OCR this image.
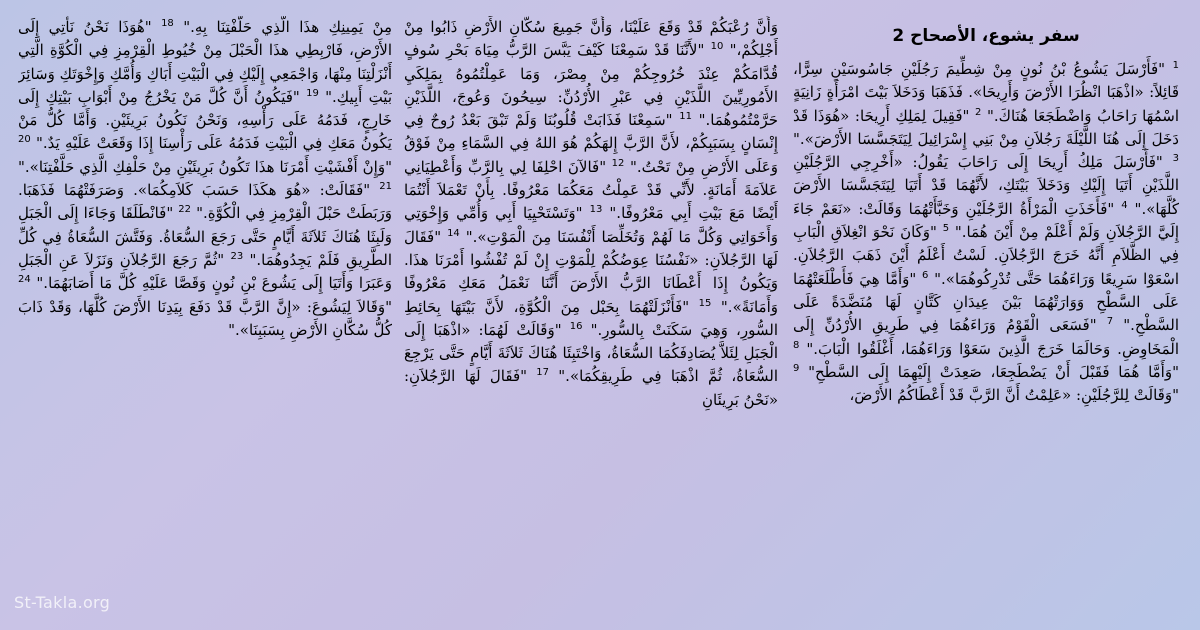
سفر يشوع، الأصحاح 2
$^1$ "فَأَرْسَلَ يَشُوعُ بْنُ نُونٍ مِنْ شِطِّيمَ رَجُلَيْنِ جَاسُوسَيْنِ سِرًّا، قَائِلاً: «اذْهَبَا انْظُرَا الأَرْضَ وَأَرِيحَا». فَذَهَبَا وَدَخَلاَ بَيْتَ امْرَأَةٍ زَانِيَةٍ اسْمُهَا رَاحَابُ وَاضْطَجَعَا هُنَاكَ." $^2$ "فَقِيلَ لِمَلِكِ أَرِيحَا: «هُوَذَا قَدْ دَخَلَ إِلَى هُنَا اللَّيْلَةَ رَجُلاَنِ مِنْ بَنِي إِسْرَائِيلَ لِيَتَجَسَّسَا الأَرْضَ»." $^3$ "فَأَرْسَلَ مَلِكُ أَرِيحَا إِلَى رَاحَابَ يَقُولُ: «أَخْرِجِي الرَّجُلَيْنِ اللَّذَيْنِ أَتَيَا إِلَيْكِ وَدَخَلاَ بَيْتَكِ، لأَنَّهُمَا قَدْ أَتَيَا لِيَتَجَسَّسَا الأَرْضَ كُلَّهَا»." $^4$ "فَأَخَذَتِ الْمَرْأَةُ الرَّجُلَيْنِ وَخَبَّأَتْهُمَا وَقَالَتْ: «نَعَمْ جَاءَ إِلَيَّ الرَّجُلاَنِ وَلَمْ أَعْلَمْ مِنْ أَيْنَ هُمَا." $^5$ "وَكَانَ نَحْوَ انْغِلاَقِ الْبَابِ فِي الظَّلاَمِ أَنَّهُ خَرَجَ الرَّجُلاَنِ. لَسْتُ أَعْلَمُ أَيْنَ ذَهَبَ الرَّجُلاَنِ. اسْعَوْا سَرِيعًا وَرَاءَهُمَا حَتَّى تُدْرِكُوهُمَا»." $^6$ "وَأَمَّا هِيَ فَأَطْلَعَتْهُمَا عَلَى السَّطْحِ وَوَارَتْهُمَا بَيْنَ عِيدَانِ كَتَّانٍ لَهَا مُنَضَّدَةً عَلَى السَّطْحِ." $^7$ "فَسَعَى الْقَوْمُ وَرَاءَهُمَا فِي طَرِيقِ الأُرْدُنِّ إِلَى الْمَخَاوِضِ. وَحَالَمَا خَرَجَ الَّذِينَ سَعَوْا وَرَاءَهُمَا، أَغْلَقُوا الْبَابَ." $^8$ "وَأَمَّا هُمَا فَقَبْلَ أَنْ يَضْطَجِعَا، صَعِدَتْ إِلَيْهِمَا إِلَى السَّطْحِ" $^9$ "وَقَالَتْ لِلرَّجُلَيْنِ: «عَلِمْتُ أَنَّ الرَّبَّ قَدْ أَعْطَاكُمُ الأَرْضَ،
وَأَنَّ رُعْبَكُمْ قَدْ وَقَعَ عَلَيْنَا، وَأَنَّ جَمِيعَ سُكَّانِ الأَرْضِ ذَابُوا مِنْ أَجْلِكُمْ،" $^{10}$ "لأَنَّنَا قَدْ سَمِعْنَا كَيْفَ يَبَّسَ الرَّبُّ مِيَاهَ بَحْرِ سُوفٍ قُدَّامَكُمْ عِنْدَ خُرُوجِكُمْ مِنْ مِصْرَ، وَمَا عَمِلْتُمُوهُ بِمَلِكَيِ الأَمُورِيِّينَ اللَّذَيْنِ فِي عَبْرِ الأُرْدُنِّ: سِيحُونَ وَعُوجَ، اللَّذَيْنِ حَرَّمْتُمُوهُمَا." $^{11}$ "سَمِعْنَا فَذَابَتْ قُلُوبُنَا وَلَمْ تَبْقَ بَعْدُ رُوحٌ فِي إِنْسَانٍ بِسَبَبِكُمْ، لأَنَّ الرَّبَّ إِلهَكُمْ هُوَ اللهُ فِي السَّمَاءِ مِنْ فَوْقُ وَعَلَى الأَرْضِ مِنْ تَحْتُ." $^{12}$ "فَالآنَ احْلِفَا لِي بِالرَّبِّ وَأَعْطِيَانِي عَلاَمَةَ أَمَانَةٍ. لأَنِّي قَدْ عَمِلْتُ مَعَكُمَا مَعْرُوفًا. بِأَنْ تَعْمَلاَ أَنْتُمَا أَيْضًا مَعَ بَيْتِ أَبِي مَعْرُوفًا." $^{13}$ "وَتَسْتَحْيِيَا أَبِي وَأُمِّي وَإِخْوَتِي وَأَخَوَاتِي وَكُلَّ مَا لَهُمْ وَتُخَلِّصَا أَنْفُسَنَا مِنَ الْمَوْتِ»." $^{14}$ "فَقَالَ لَهَا الرَّجُلاَنِ: «نَفْسُنَا عِوَضُكُمْ لِلْمَوْتِ إِنْ لَمْ تُفْشُوا أَمْرَنَا هذَا. وَيَكُونُ إِذَا أَعْطَانَا الرَّبُّ الأَرْضَ أَنَّنَا نَعْمَلُ مَعَكِ مَعْرُوفًا وَأَمَانَةً»." $^{15}$ "فَأَنْزَلَتْهُمَا بِحَبْل مِنَ الْكُوَّةِ، لأَنَّ بَيْتَهَا بِحَائِطِ السُّورِ، وَهِيَ سَكَنَتْ بِالسُّورِ." $^{16}$ "وَقَالَتْ لَهُمَا: «اذْهَبَا إِلَى الْجَبَلِ لِئَلاَّ يُصَادِفَكُمَا السُّعَاةُ، وَاخْتَبِئَا هُنَاكَ ثَلاَثَةَ أَيَّامٍ حَتَّى يَرْجِعَ السُّعَاةُ، ثُمَّ اذْهَبَا فِي طَرِيقِكُمَا»." $^{17}$ "فَقَالَ لَهَا الرَّجُلاَنِ: «نَحْنُ بَرِيئَانِ
مِنْ يَمِينِكِ هذَا الَّذِي حَلَّفْتِنَا بِهِ." $^{18}$ "هُوَذَا نَحْنُ نَأْتِي إِلَى الأَرْضِ، فَارْبِطِي هذَا الْحَبْلَ مِنْ خُيُوطِ الْقِرْمِزِ فِي الْكُوَّةِ الَّتِي أَنْزَلْتِنَا مِنْهَا، وَاجْمَعِي إِلَيْكِ فِي الْبَيْتِ أَبَاكِ وَأُمَّكِ وَإِخْوَتَكِ وَسَائِرَ بَيْتِ أَبِيكِ." $^{19}$ "فَيَكُونُ أَنَّ كُلَّ مَنْ يَخْرُجُ مِنْ أَبْوَابِ بَيْتِكِ إِلَى خَارِجٍ، فَدَمُهُ عَلَى رَأْسِهِ، وَنَحْنُ نَكُونُ بَرِيئَيْنِ. وَأَمَّا كُلُّ مَنْ يَكُونُ مَعَكِ فِي الْبَيْتِ فَدَمُهُ عَلَى رَأْسِنَا إِذَا وَقَعَتْ عَلَيْهِ يَدٌ." $^{20}$ "وَإِنْ أَفْشَيْتِ أَمْرَنَا هذَا تَكُونُ بَرِيئَيْنِ مِنْ حَلْفِكِ الَّذِي حَلَّفْتِنَا»." $^{21}$ "فَقَالَتْ: «هُوَ هكَذَا حَسَبَ كَلاَمِكُمَا». وَصَرَفَتْهُمَا فَذَهَبَا. وَرَبَطَتْ حَبْلَ الْقِرْمِزِ فِي الْكُوَّةِ." $^{22}$ "فَانْطَلَقَا وَجَاءَا إِلَى الْجَبَلِ وَلَبِثَا هُنَاكَ ثَلاَثَةَ أَيَّامٍ حَتَّى رَجَعَ السُّعَاةُ. وَفَتَّشَ السُّعَاةُ فِي كُلِّ الطَّرِيقِ فَلَمْ يَجِدُوهُمَا." $^{23}$ "ثُمَّ رَجَعَ الرَّجُلاَنِ وَنَزَلاَ عَنِ الْجَبَلِ وَعَبَرَا وَأَتَيَا إِلَى يَشُوعَ بْنِ نُونٍ وَقَصَّا عَلَيْهِ كُلَّ مَا أَصَابَهُمَا." $^{24}$ "وَقَالاَ لِيَشُوعَ: «إِنَّ الرَّبَّ قَدْ دَفَعَ بِيَدِنَا الأَرْضَ كُلَّهَا، وَقَدْ ذَابَ كُلُّ سُكَّانِ الأَرْضِ بِسَبَبِنَا»."
St-Takla.org
